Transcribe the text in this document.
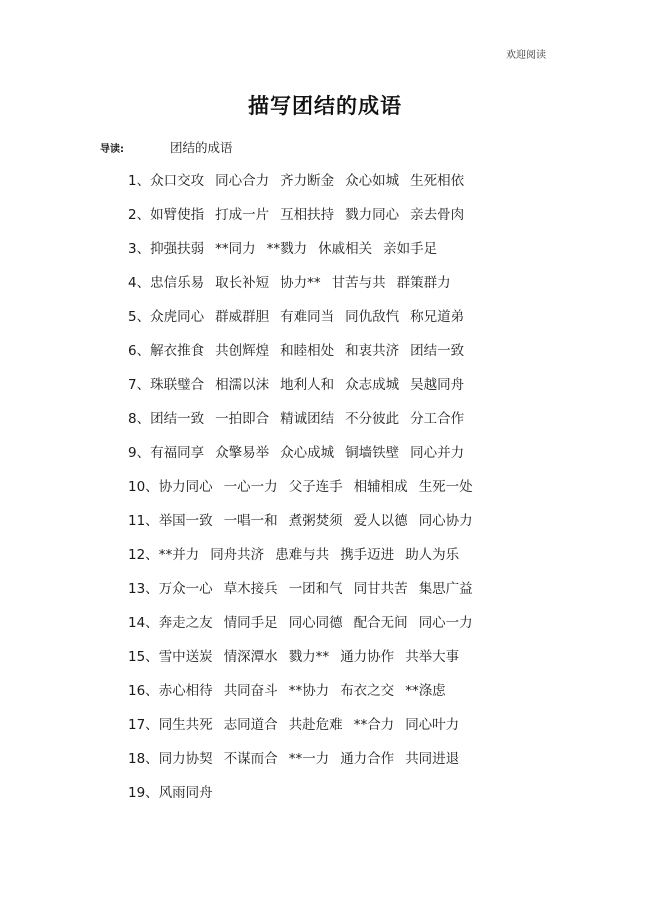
欢迎阅读
描写团结的成语
导读:	团结的成语
1、 众口交攻 同心合力 齐力断金 众心如城 生死相依
2、 如臂使指 打成一片 互相扶持 戮力同心 亲去骨肉
3、 抑强扶弱 **同力 **戮力 休戚相关 亲如手足
4、 忠信乐易 取长补短 协力** 甘苦与共 群策群力
5、 众虎同心 群威群胆 有难同当 同仇敌忾 称兄道弟
6、 解衣推食 共创辉煌 和睦相处 和衷共济 团结一致
7、 珠联璧合 相濡以沫 地利人和 众志成城 吴越同舟
8、 团结一致 一拍即合 精诚团结 不分彼此 分工合作
9、 有福同享 众擎易举 众心成城 铜墙铁壁 同心并力
10、 协力同心 一心一力 父子连手 相辅相成 生死一处
11、 举国一致 一唱一和 煮粥焚须 爱人以德 同心协力
12、 **并力 同舟共济 患难与共 携手迈进 助人为乐
13、 万众一心 草木接兵 一团和气 同甘共苦 集思广益
14、 奔走之友 情同手足 同心同德 配合无间 同心一力
15、 雪中送炭 情深潭水 戮力** 通力协作 共举大事
16、 赤心相待 共同奋斗 **协力 布衣之交 **涤虑
17、 同生共死 志同道合 共赴危难 **合力 同心叶力
18、 同力协契 不谋而合 **一力 通力合作 共同进退
19、 风雨同舟
